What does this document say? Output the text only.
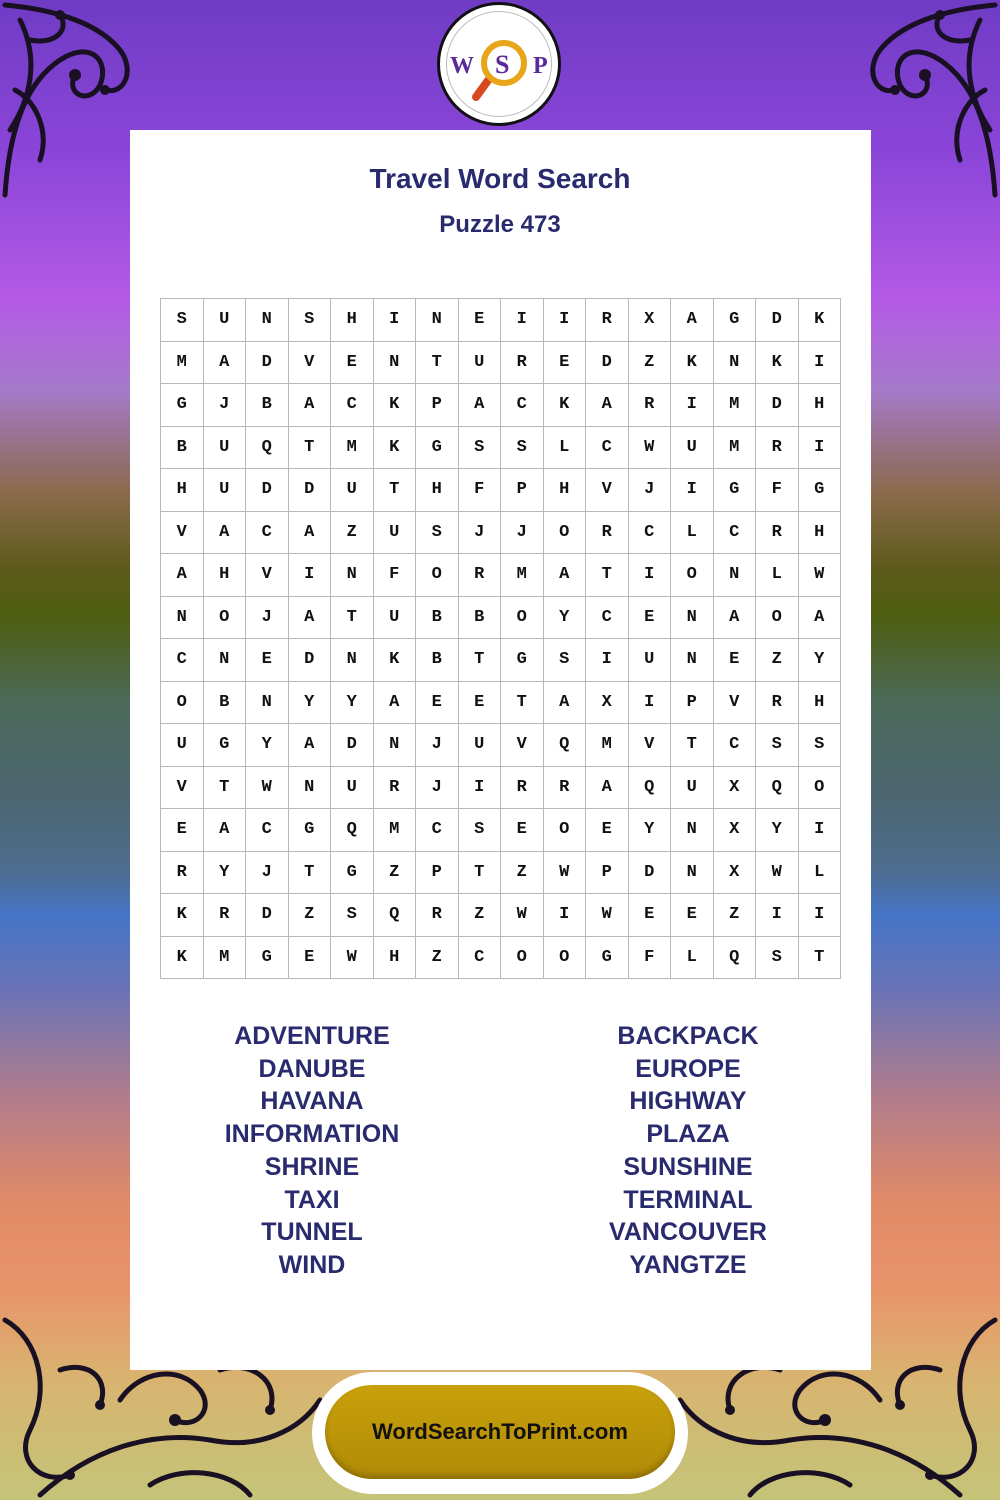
W S P
Travel Word Search
Puzzle 473
S	U	N	S	H	I	N	E	I	I	R	X	A	G	D	K
M	A	D	V	E	N	T	U	R	E	D	Z	K	N	K	I
G	J	B	A	C	K	P	A	C	K	A	R	I	M	D	H
B	U	Q	T	M	K	G	S	S	L	C	W	U	M	R	I
H	U	D	D	U	T	H	F	P	H	V	J	I	G	F	G
V	A	C	A	Z	U	S	J	J	O	R	C	L	C	R	H
A	H	V	I	N	F	O	R	M	A	T	I	O	N	L	W
N	O	J	A	T	U	B	B	O	Y	C	E	N	A	O	A
C	N	E	D	N	K	B	T	G	S	I	U	N	E	Z	Y
O	B	N	Y	Y	A	E	E	T	A	X	I	P	V	R	H
U	G	Y	A	D	N	J	U	V	Q	M	V	T	C	S	S
V	T	W	N	U	R	J	I	R	R	A	Q	U	X	Q	O
E	A	C	G	Q	M	C	S	E	O	E	Y	N	X	Y	I
R	Y	J	T	G	Z	P	T	Z	W	P	D	N	X	W	L
K	R	D	Z	S	Q	R	Z	W	I	W	E	E	Z	I	I
K	M	G	E	W	H	Z	C	O	O	G	F	L	Q	S	T
ADVENTURE
DANUBE
HAVANA
INFORMATION
SHRINE
TAXI
TUNNEL
WIND
BACKPACK
EUROPE
HIGHWAY
PLAZA
SUNSHINE
TERMINAL
VANCOUVER
YANGTZE
WordSearchToPrint.com
